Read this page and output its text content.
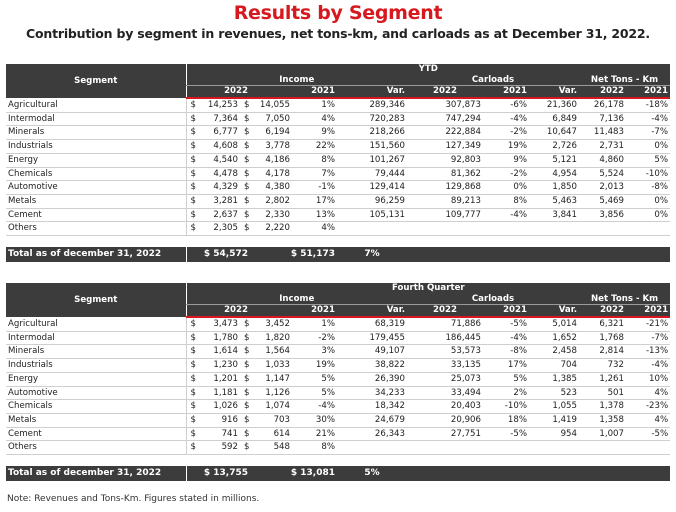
Results by Segment
Contribution by segment in revenues, net tons-km, and carloads as at December 31, 2022.
Segment	YTD											
	Income						Carloads			Net Tons - Km		
	2022			2021		Var.	2022	2021	Var.	2022	2021	
Agricultural	$	14,253	$	14,055	1%	289,346	307,873	-6%	21,360	26,178	-18%	
Intermodal	$	7,364	$	7,050	4%	720,283	747,294	-4%	6,849	7,136	-4%	
Minerals	$	6,777	$	6,194	9%	218,266	222,884	-2%	10,647	11,483	-7%	
Industrials	$	4,608	$	3,778	22%	151,560	127,349	19%	2,726	2,731	0%	
Energy	$	4,540	$	4,186	8%	101,267	92,803	9%	5,121	4,860	5%	
Chemicals	$	4,478	$	4,178	7%	79,444	81,362	-2%	4,954	5,524	-10%	
Automotive	$	4,329	$	4,380	-1%	129,414	129,868	0%	1,850	2,013	-8%	
Metals	$	3,281	$	2,802	17%	96,259	89,213	8%	5,463	5,469	0%	
Cement	$	2,637	$	2,330	13%	105,131	109,777	-4%	3,841	3,856	0%	
Others	$	2,305	$	2,220	4%							

Total as of december 31, 2022	$ 54,572			$ 51,173		7%						
Segment	Fourth Quarter											
	Income						Carloads			Net Tons - Km		
	2022			2021		Var.	2022	2021	Var.	2022	2021	
Agricultural	$	3,473	$	3,452	1%	68,319	71,886	-5%	5,014	6,321	-21%	
Intermodal	$	1,780	$	1,820	-2%	179,455	186,445	-4%	1,652	1,768	-7%	
Minerals	$	1,614	$	1,564	3%	49,107	53,573	-8%	2,458	2,814	-13%	
Industrials	$	1,230	$	1,033	19%	38,822	33,135	17%	704	732	-4%	
Energy	$	1,201	$	1,147	5%	26,390	25,073	5%	1,385	1,261	10%	
Automotive	$	1,181	$	1,126	5%	34,233	33,494	2%	523	501	4%	
Chemicals	$	1,026	$	1,074	-4%	18,342	20,403	-10%	1,055	1,378	-23%	
Metals	$	916	$	703	30%	24,679	20,906	18%	1,419	1,358	4%	
Cement	$	741	$	614	21%	26,343	27,751	-5%	954	1,007	-5%	
Others	$	592	$	548	8%							

Total as of december 31, 2022	$ 13,755			$ 13,081		5%						
Note: Revenues and Tons-Km. Figures stated in millions.
